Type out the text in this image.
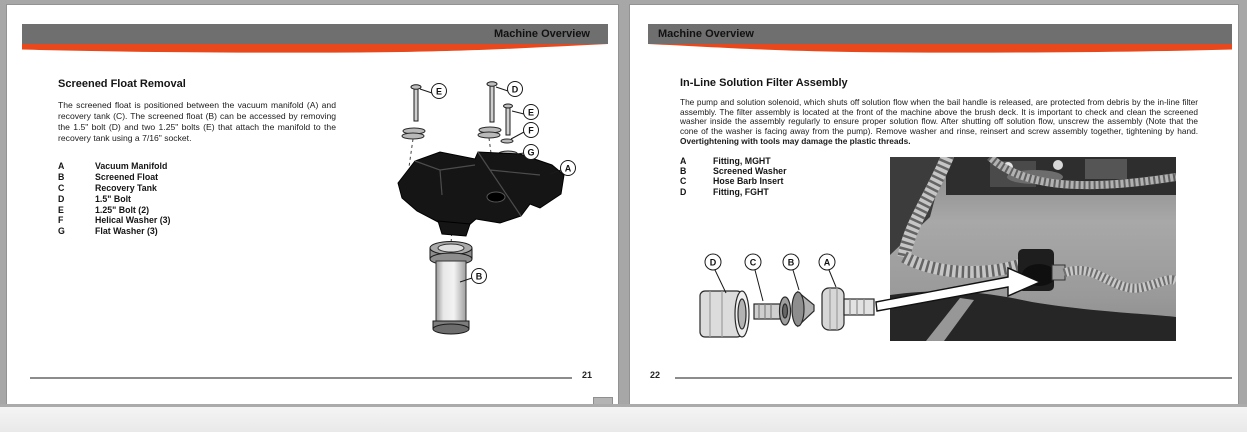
Machine Overview
Screened Float Removal
The screened float is positioned between the vacuum manifold (A) and recovery tank (C). The screened float (B) can be accessed by removing the 1.5" bolt (D) and two 1.25" bolts (E) that attach the manifold to the recovery tank using a 7/16" socket.
A	Vacuum Manifold
B	Screened Float
C	Recovery Tank
D	1.5" Bolt
E	1.25" Bolt (2)
F	Helical Washer (3)
G	Flat Washer (3)
E	D
E
F
G
A
B
21
Machine Overview
In-Line Solution Filter Assembly
The pump and solution solenoid, which shuts off solution flow when the bail handle is released, are protected from debris by the in-line filter assembly. The filter assembly is located at the front of the machine above the brush deck. It is important to check and clean the screened washer inside the assembly regularly to ensure proper solution flow. After shutting off solution flow, unscrew the assembly (Note that the cone of the washer is facing away from the pump). Remove washer and rinse, reinsert and screw assembly together, tightening by hand. Overtightening with tools may damage the plastic threads.
A	Fitting, MGHT
B	Screened Washer
C	Hose Barb Insert
D	Fitting, FGHT
D	C	B	A
22
